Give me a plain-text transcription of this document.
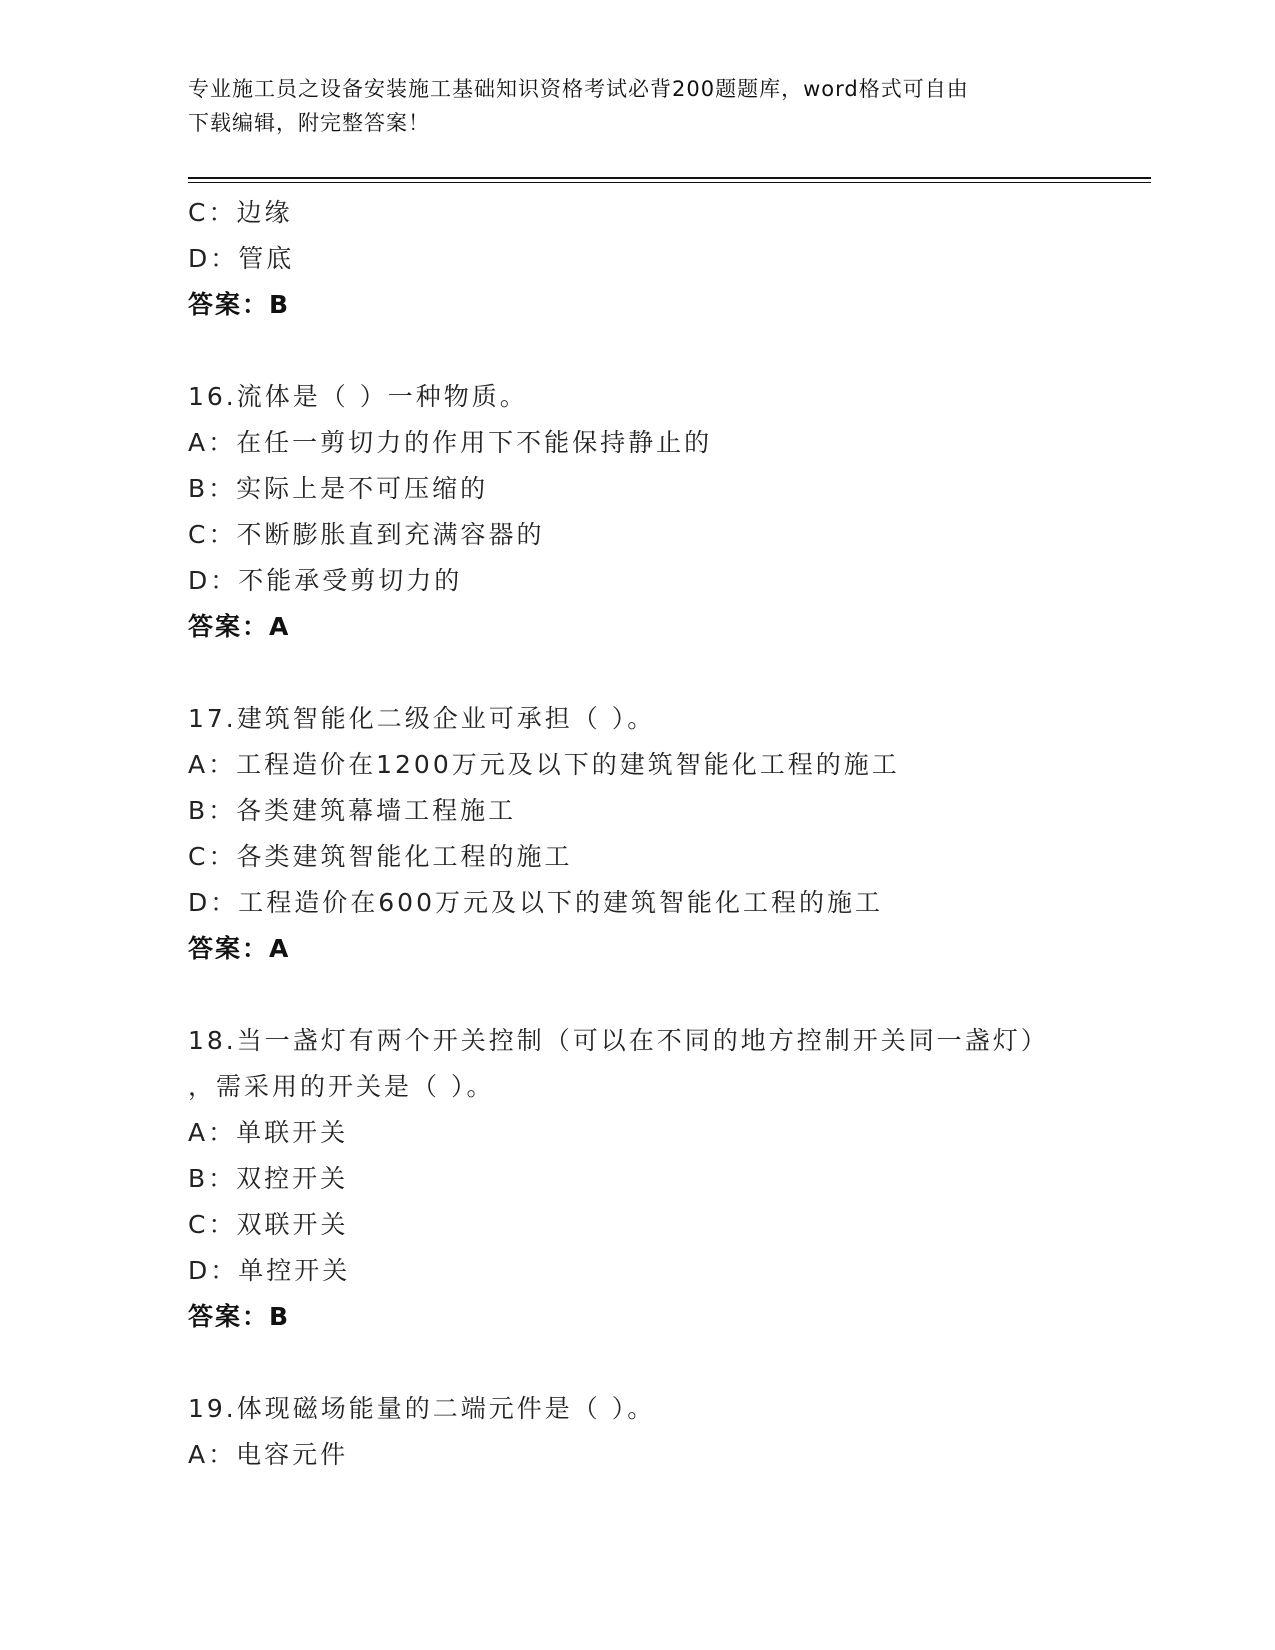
专业施工员之设备安装施工基础知识资格考试必背200题题库，word格式可自由
下载编辑，附完整答案！
C：边缘
D：管底
答案：B
16.流体是（ ）一种物质。
A：在任一剪切力的作用下不能保持静止的
B：实际上是不可压缩的
C：不断膨胀直到充满容器的
D：不能承受剪切力的
答案：A
17.建筑智能化二级企业可承担（ ）。
A：工程造价在1200万元及以下的建筑智能化工程的施工
B：各类建筑幕墙工程施工
C：各类建筑智能化工程的施工
D：工程造价在600万元及以下的建筑智能化工程的施工
答案：A
18.当一盏灯有两个开关控制（可以在不同的地方控制开关同一盏灯）
，需采用的开关是（ ）。
A：单联开关
B：双控开关
C：双联开关
D：单控开关
答案：B
19.体现磁场能量的二端元件是（ ）。
A：电容元件
